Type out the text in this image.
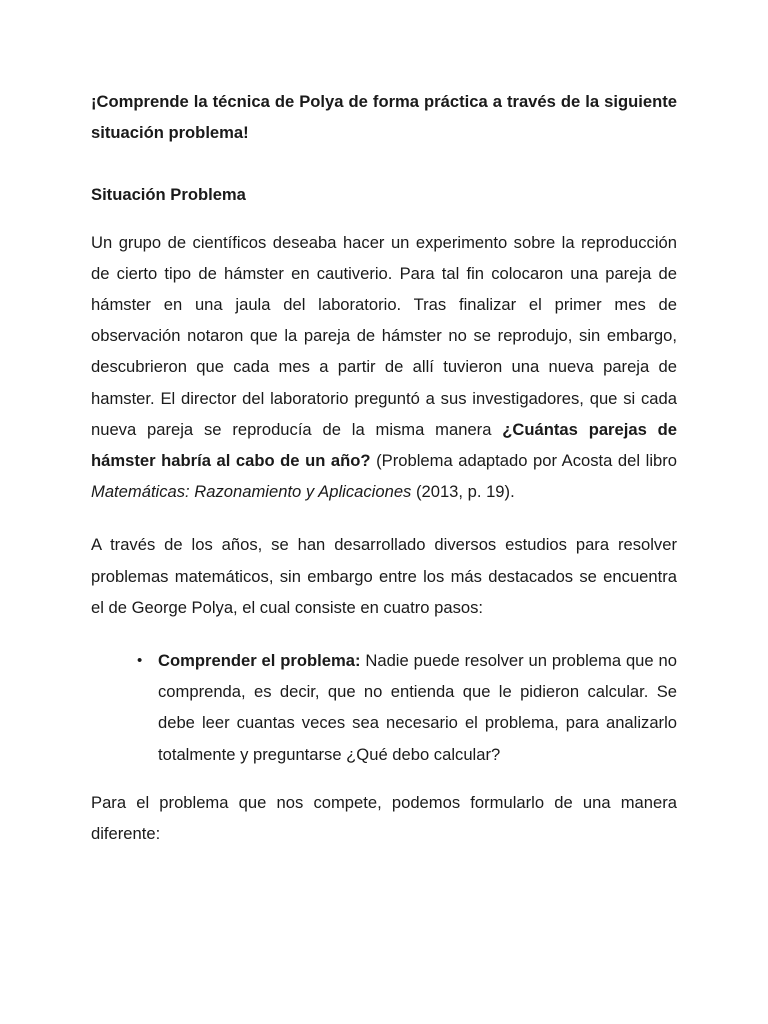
¡Comprende la técnica de Polya de forma práctica a través de la siguiente situación problema!

Situación Problema

Un grupo de científicos deseaba hacer un experimento sobre la reproducción de cierto tipo de hámster en cautiverio. Para tal fin colocaron una pareja de hámster en una jaula del laboratorio. Tras finalizar el primer mes de observación notaron que la pareja de hámster no se reprodujo, sin embargo, descubrieron que cada mes a partir de allí tuvieron una nueva pareja de hamster. El director del laboratorio preguntó a sus investigadores, que si cada nueva pareja se reproducía de la misma manera ¿Cuántas parejas de hámster habría al cabo de un año? (Problema adaptado por Acosta del libro Matemáticas: Razonamiento y Aplicaciones (2013, p. 19).

A través de los años, se han desarrollado diversos estudios para resolver problemas matemáticos, sin embargo entre los más destacados se encuentra el de George Polya, el cual consiste en cuatro pasos:

• Comprender el problema: Nadie puede resolver un problema que no comprenda, es decir, que no entienda que le pidieron calcular. Se debe leer cuantas veces sea necesario el problema, para analizarlo totalmente y preguntarse ¿Qué debo calcular?

Para el problema que nos compete, podemos formularlo de una manera diferente:
